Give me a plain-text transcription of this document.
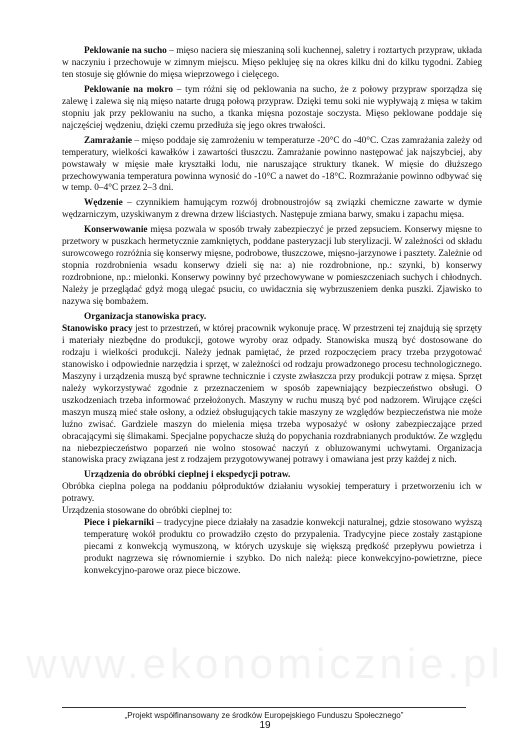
www.ekonomicznie.pl

Peklowanie na sucho – mięso naciera się mieszaniną soli kuchennej, saletry i roztartych przypraw, układa w naczyniu i przechowuje w zimnym miejscu. Mięso peklujeę się na okres kilku dni do kilku tygodni. Zabieg ten stosuje się głównie do mięsa wieprzowego i cielęcego.

Peklowanie na mokro – tym różni się od peklowania na sucho, że z połowy przypraw sporządza się zalewę i zalewa się nią mięso natarte drugą połową przypraw. Dzięki temu soki nie wypływają z mięsa w takim stopniu jak przy peklowaniu na sucho, a tkanka mięsna pozostaje soczysta. Mięso peklowane poddaje się najczęściej wędzeniu, dzięki czemu przedłuża się jego okres trwałości.

Zamrażanie – mięso poddaje się zamrożeniu w temperaturze -20°C do -40°C. Czas zamrażania zależy od temperatury, wielkości kawałków i zawartości tłuszczu. Zamrażanie powinno następować jak najszybciej, aby powstawały w mięsie małe kryształki lodu, nie naruszające struktury tkanek. W mięsie do dłuższego przechowywania temperatura powinna wynosić do -10°C a nawet do -18°C. Rozmrażanie powinno odbywać się w temp. 0–4°C przez 2–3 dni.

Wędzenie – czynnikiem hamującym rozwój drobnoustrojów są związki chemiczne zawarte w dymie wędzarniczym, uzyskiwanym z drewna drzew liściastych. Następuje zmiana barwy, smaku i zapachu mięsa.

Konserwowanie mięsa pozwala w sposób trwały zabezpieczyć je przed zepsuciem. Konserwy mięsne to przetwory w puszkach hermetycznie zamkniętych, poddane pasteryzacji lub sterylizacji. W zależności od składu surowcowego rozróżnia się konserwy mięsne, podrobowe, tłuszczowe, mięsno-jarzynowe i pasztety. Zależnie od stopnia rozdrobnienia wsadu konserwy dzieli się na: a) nie rozdrobnione, np.: szynki, b) konserwy rozdrobnione, np.: mielonki. Konserwy powinny być przechowywane w pomieszczeniach suchych i chłodnych. Należy je przeglądać gdyż mogą ulegać psuciu, co uwidacznia się wybrzuszeniem denka puszki. Zjawisko to nazywa się bombażem.

Organizacja stanowiska pracy.

Stanowisko pracy jest to przestrzeń, w której pracownik wykonuje pracę. W przestrzeni tej znajdują się sprzęty i materiały niezbędne do produkcji, gotowe wyroby oraz odpady. Stanowiska muszą być dostosowane do rodzaju i wielkości produkcji. Należy jednak pamiętać, że przed rozpoczęciem pracy trzeba przygotować stanowisko i odpowiednie narzędzia i sprzęt, w zależności od rodzaju prowadzonego procesu technologicznego. Maszyny i urządzenia muszą być sprawne technicznie i czyste zwłaszcza przy produkcji potraw z mięsa. Sprzęt należy wykorzystywać zgodnie z przeznaczeniem w sposób zapewniający bezpieczeństwo obsługi. O uszkodzeniach trzeba informować przełożonych. Maszyny w ruchu muszą być pod nadzorem. Wirujące części maszyn muszą mieć stałe osłony, a odzież obsługujących takie maszyny ze względów bezpieczeństwa nie może luźno zwisać. Gardziele maszyn do mielenia mięsa trzeba wyposażyć w osłony zabezpieczające przed obracającymi się ślimakami. Specjalne popychacze służą do popychania rozdrabnianych produktów. Ze względu na niebezpieczeństwo poparzeń nie wolno stosować naczyń z obluzowanymi uchwytami. Organizacja stanowiska pracy związana jest z rodzajem przygotowywanej potrawy i omawiana jest przy każdej z nich.

Urządzenia do obróbki cieplnej i ekspedycji potraw.

Obróbka cieplna polega na poddaniu półproduktów działaniu wysokiej temperatury i przetworzeniu ich w potrawy.

Urządzenia stosowane do obróbki cieplnej to:

Piece i piekarniki – tradycyjne piece działały na zasadzie konwekcji naturalnej, gdzie stosowano wyższą temperaturę wokół produktu co prowadziło często do przypalenia. Tradycyjne piece zostały zastąpione piecami z konwekcją wymuszoną, w których uzyskuje się większą prędkość przepływu powietrza i produkt nagrzewa się równomiernie i szybko. Do nich należą: piece konwekcyjno-powietrzne, piece konwekcyjno-parowe oraz piece biczowe.

„Projekt współfinansowany ze środków Europejskiego Funduszu Społecznego”
19
